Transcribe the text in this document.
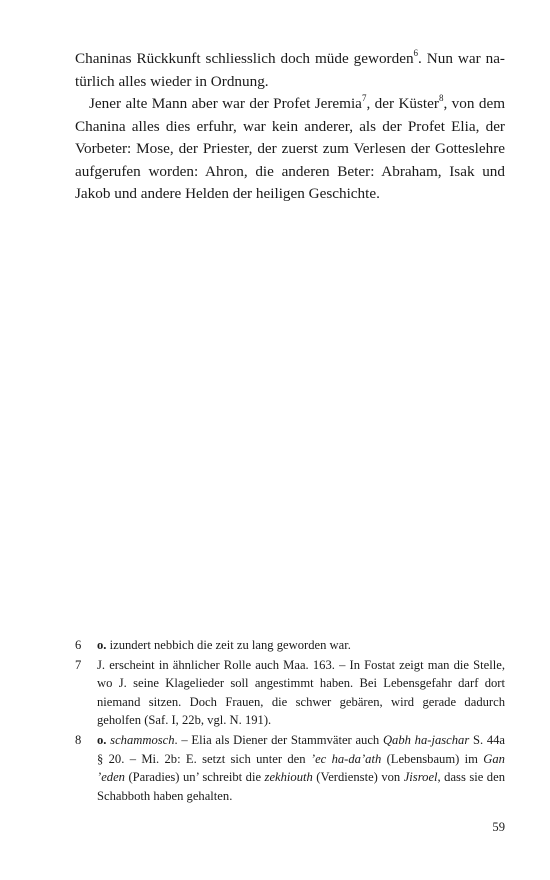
Chaninas Rückkunft schliesslich doch müde geworden$^6$. Nun war na-türlich alles wieder in Ordnung.

Jener alte Mann aber war der Profet Jeremia$^7$, der Küster$^8$, von dem Chanina alles dies erfuhr, war kein anderer, als der Profet Elia, der Vorbeter: Mose, der Priester, der zuerst zum Verlesen der Gotteslehre aufgerufen worden: Ahron, die anderen Beter: Abraham, Isak und Jakob und andere Helden der heiligen Geschichte.

6	o. izundert nebbich die zeit zu lang geworden war.
7	J. erscheint in ähnlicher Rolle auch Maa. 163. – In Fostat zeigt man die Stelle, wo J. seine Klagelieder soll angestimmt haben. Bei Lebensgefahr darf dort niemand sitzen. Doch Frauen, die schwer gebären, wird gerade dadurch geholfen (Saf. I, 22b, vgl. N. 191).
8	o. schammosch. – Elia als Diener der Stammväter auch Qabh ha-jaschar S. 44a § 20. – Mi. 2b: E. setzt sich unter den ’ec ha-da’ath (Lebensbaum) im Gan ’eden (Paradies) un’ schreibt die zekhiouth (Verdienste) von Jisroel, dass sie den Schabboth haben gehalten.
59
